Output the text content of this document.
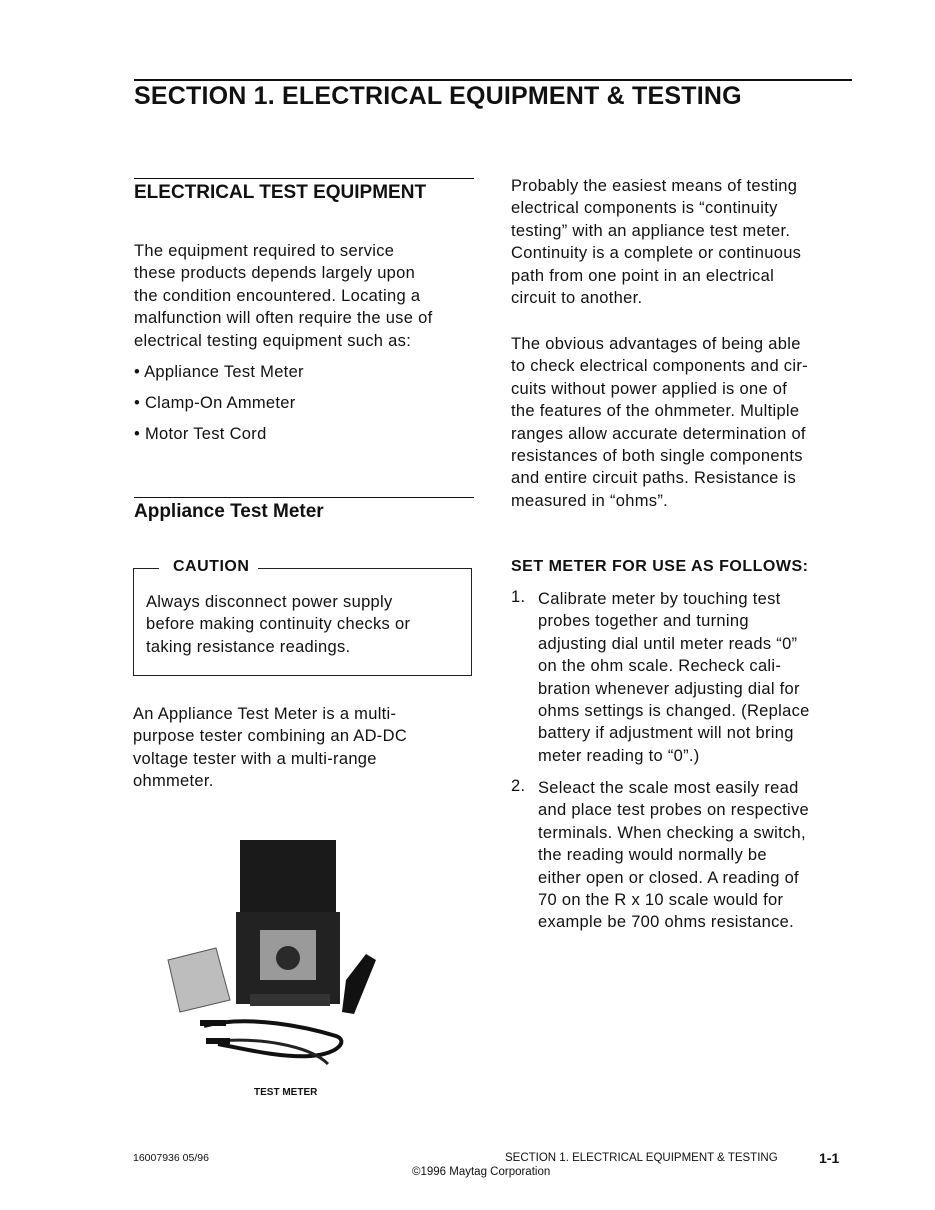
SECTION 1. ELECTRICAL EQUIPMENT & TESTING
ELECTRICAL TEST EQUIPMENT
The equipment required to service
these products depends largely upon
the condition encountered. Locating a
malfunction will often require the use of
electrical testing equipment such as:
• Appliance Test Meter
• Clamp-On Ammeter
• Motor Test Cord
Appliance Test Meter
CAUTION
Always disconnect power supply
before making continuity checks or
taking resistance readings.
An Appliance Test Meter is a multi-
purpose tester combining an AD-DC
voltage tester with a multi-range
ohmmeter.
TEST METER
Probably the easiest means of testing
electrical components is “continuity
testing” with an appliance test meter.
Continuity is a complete or continuous
path from one point in an electrical
circuit to another.
The obvious advantages of being able
to check electrical components and cir-
cuits without power applied is one of
the features of the ohmmeter. Multiple
ranges allow accurate determination of
resistances of both single components
and entire circuit paths. Resistance is
measured in “ohms”.
SET METER FOR USE AS FOLLOWS:
1. Calibrate meter by touching test
probes together and turning
adjusting dial until meter reads “0”
on the ohm scale. Recheck cali-
bration whenever adjusting dial for
ohms settings is changed. (Replace
battery if adjustment will not bring
meter reading to “0”.)
2. Seleact the scale most easily read
and place test probes on respective
terminals. When checking a switch,
the reading would normally be
either open or closed. A reading of
70 on the R x 10 scale would for
example be 700 ohms resistance.
16007936 05/96	SECTION 1. ELECTRICAL EQUIPMENT & TESTING	1-1
©1996 Maytag Corporation
